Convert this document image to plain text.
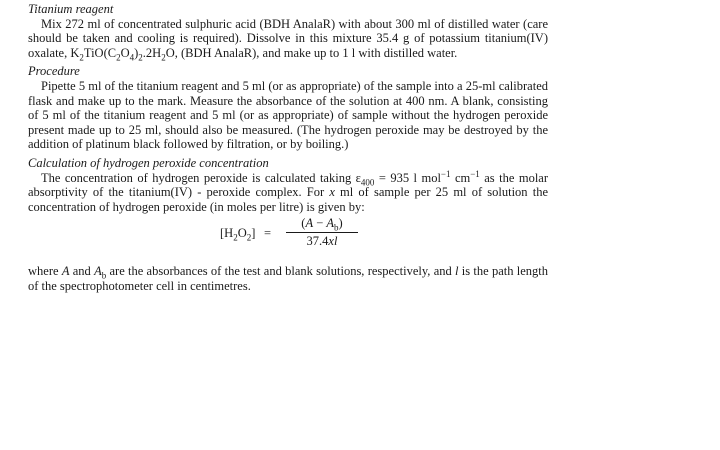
Titanium reagent

Mix 272 ml of concentrated sulphuric acid (BDH AnalaR) with about 300 ml of distilled water (care should be taken and cooling is required). Dissolve in this mixture 35.4 g of potassium titanium(IV) oxalate, $K_2TiO(C_2O_4)_2.2H_2O$, (BDH AnalaR), and make up to 1 l with distilled water.

Procedure

Pipette 5 ml of the titanium reagent and 5 ml (or as appropriate) of the sample into a 25-ml calibrated flask and make up to the mark. Measure the absorbance of the solution at 400 nm. A blank, consisting of 5 ml of the titanium reagent and 5 ml (or as appropriate) of sample without the hydrogen peroxide present made up to 25 ml, should also be measured. (The hydrogen peroxide may be destroyed by the addition of platinum black followed by filtration, or by boiling.)

Calculation of hydrogen peroxide concentration

The concentration of hydrogen peroxide is calculated taking $\varepsilon_{400} = 935$ l mol$^{-1}$ $cm^{-1}$ as the molar absorptivity of the titanium(IV) - peroxide complex. For x ml of sample per 25 ml of solution the concentration of hydrogen peroxide (in moles per litre) is given by:

$[H_2O_2]$ =
$(A - A_b)$
37.4xl

where A and $A_b$ are the absorbances of the test and blank solutions, respectively, and l is the path length of the spectrophotometer cell in centimetres.
